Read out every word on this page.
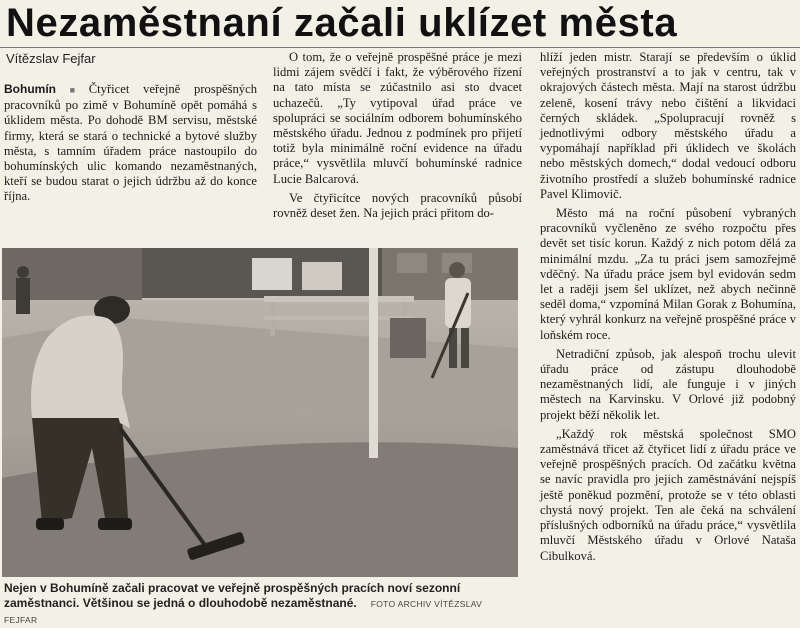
Nezaměstnaní začali uklízet města
Vítězslav Fejfar

Bohumín ■ Čtyřicet veřejně prospěšných pracovníků po zimě v Bohumíně opět pomáhá s úklidem města. Po dohodě BM servisu, městské firmy, která se stará o technické a bytové služby města, s tamním úřadem práce nastoupilo do bohumínských ulic komando nezaměstnaných, kteří se budou starat o jejich údržbu až do konce října.

O tom, že o veřejně prospěšné práce je mezi lidmi zájem svědčí i fakt, že výběrového řízení na tato místa se zúčastnilo asi sto dvacet uchazečů. „Ty vytipoval úřad práce ve spolupráci se sociálním odborem bohumínského městského úřadu. Jednou z podmínek pro přijetí totiž byla minimálně roční evidence na úřadu práce,“ vysvětlila mluvčí bohumínské radnice Lucie Balcarová.

Ve čtyřicítce nových pracovníků působí rovněž deset žen. Na jejich práci přitom do-

hlíží jeden mistr. Starají se především o úklid veřejných prostranství a to jak v centru, tak v okrajových částech města. Mají na starost údržbu zeleně, kosení trávy nebo čištění a likvidaci černých skládek. „Spolupracují rovněž s jednotlivými odbory městského úřadu a vypomáhají například při úklidech ve školách nebo městských domech,“ dodal vedoucí odboru životního prostředí a služeb bohumínské radnice Pavel Klimovič.

Město má na roční působení vybraných pracovníků vyčleněno ze svého rozpočtu přes devět set tisíc korun. Každý z nich potom dělá za minimální mzdu. „Za tu práci jsem samozřejmě vděčný. Na úřadu práce jsem byl evidován sedm let a raději jsem šel uklízet, než abych nečinně seděl doma,“ vzpomíná Milan Gorak z Bohumína, který vyhrál konkurz na veřejně prospěšné práce v loňském roce.

Netradiční způsob, jak alespoň trochu ulevit úřadu práce od zástupu dlouhodobě nezaměstnaných lidí, ale funguje i v jiných městech na Karvinsku. V Orlové již podobný projekt běží několik let.

„Každý rok městská společnost SMO zaměstnává třicet až čtyřicet lidí z úřadu práce ve veřejně prospěšných pracích. Od začátku května se navíc pravidla pro jejich zaměstnávání nejspíš ještě poněkud pozmění, protože se v této oblasti chystá nový projekt. Ten ale čeká na schválení příslušných odborníků na úřadu práce,“ vysvětlila mluvčí Městského úřadu v Orlové Nataša Cibulková.

Nejen v Bohumíně začali pracovat ve veřejně prospěšných pracích noví sezonní zaměstnanci. Většinou se jedná o dlouhodobě nezaměstnané. FOTO ARCHIV VÍTĚZSLAV FEJFAR
